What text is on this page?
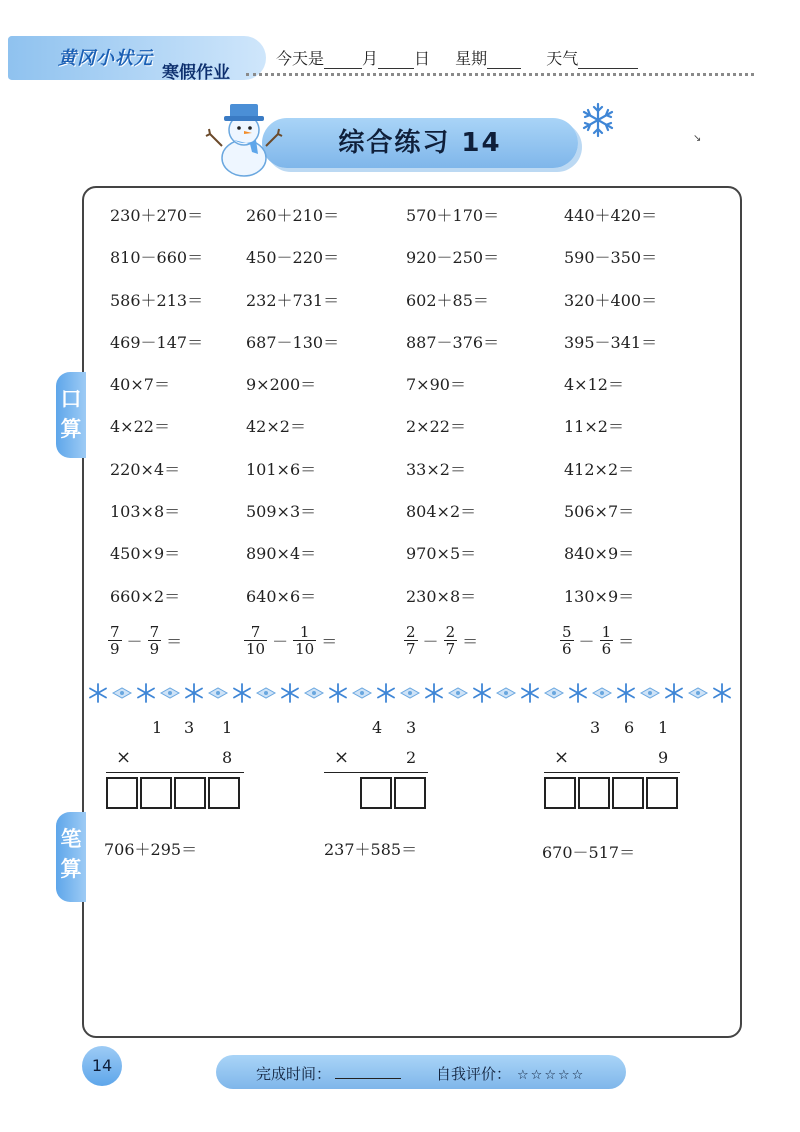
黄冈小状元
寒假作业
今天是 月 日 星期	天气
综合练习 14	↘
口算
笔算
230＋270＝	260＋210＝	570＋170＝	440＋420＝
810－660＝	450－220＝	920－250＝	590－350＝
586＋213＝	232＋731＝	602＋85＝	320＋400＝
469－147＝	687－130＝	887－376＝	395－341＝
40×7＝	9×200＝	7×90＝	4×12＝
4×22＝	42×2＝	2×22＝	11×2＝
220×4＝	101×6＝	33×2＝	412×2＝
103×8＝	509×3＝	804×2＝	506×7＝
450×9＝	890×4＝	970×5＝	840×9＝
660×2＝	640×6＝	230×8＝	130×9＝
$\frac{7}{9} - \frac{7}{9}$ ＝	$\frac{7}{10} - \frac{1}{10}$ ＝	$\frac{2}{7} - \frac{2}{7}$ ＝	$\frac{5}{6} - \frac{1}{6}$ ＝
1 3 1
×	8
4 3
×	2
3 6 1
×	9
706＋295＝	237＋585＝	670－517＝
14	完成时间：	自我评价： ☆☆☆☆☆
